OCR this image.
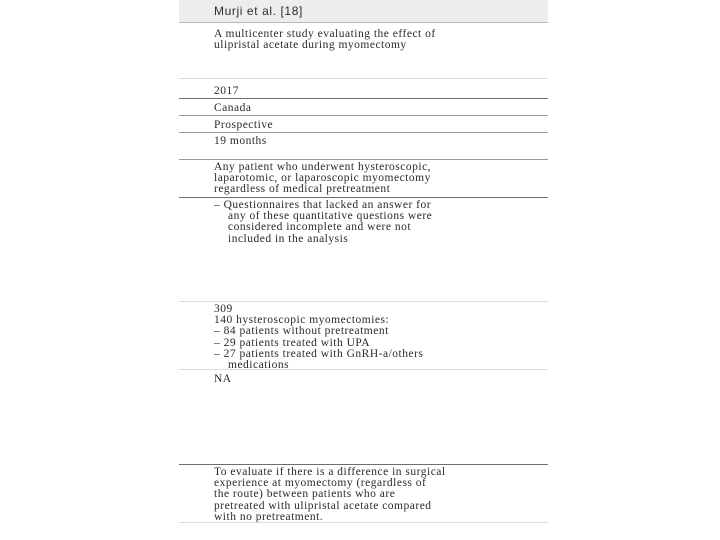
Murji et al. [18]
A multicenter study evaluating the effect of
ulipristal acetate during myomectomy
2017
Canada
Prospective
19 months
Any patient who underwent hysteroscopic,
laparotomic, or laparoscopic myomectomy
regardless of medical pretreatment
– Questionnaires that lacked an answer for
any of these quantitative questions were
considered incomplete and were not
included in the analysis
309
140 hysteroscopic myomectomies:
– 84 patients without pretreatment
– 29 patients treated with UPA
– 27 patients treated with GnRH-a/others
medications
NA
To evaluate if there is a difference in surgical
experience at myomectomy (regardless of
the route) between patients who are
pretreated with ulipristal acetate compared
with no pretreatment.
